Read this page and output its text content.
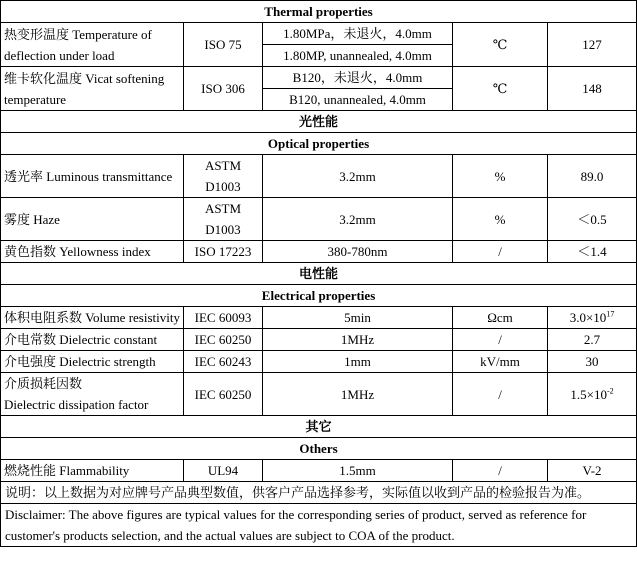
Thermal properties				
热变形温度 Temperature of deflection under load	ISO 75	1.80MPa，未退火，4.0mm	℃	127
		1.80MP, unannealed, 4.0mm		
维卡软化温度 Vicat softening temperature	ISO 306	B120，未退火，4.0mm	℃	148
		B120, unannealed, 4.0mm		
光性能				
Optical properties				
透光率 Luminous transmittance	ASTM D1003	3.2mm	%	89.0
雾度 Haze	ASTM D1003	3.2mm	%	＜0.5
黄色指数 Yellowness index	ISO 17223	380-780nm	/	＜1.4
电性能				
Electrical properties				
体积电阻系数 Volume resistivity	IEC 60093	5min	Ωcm	$3.0\times 10^{17}$
介电常数 Dielectric constant	IEC 60250	1MHz	/	2.7
介电强度 Dielectric strength	IEC 60243	1mm	kV/mm	30

介质损耗因数
Dielectric dissipation factor	IEC 60250	1MHz	/	$1.5\times 10^{-2}$
其它				
Others				
燃烧性能 Flammability	UL94	1.5mm	/	V-2
说明：以上数据为对应牌号产品典型数值，供客户产品选择参考，实际值以收到产品的检验报告为准。				
Disclaimer: The above figures are typical values for the corresponding series of product, served as reference for customer's products selection, and the actual values are subject to COA of the product.				
